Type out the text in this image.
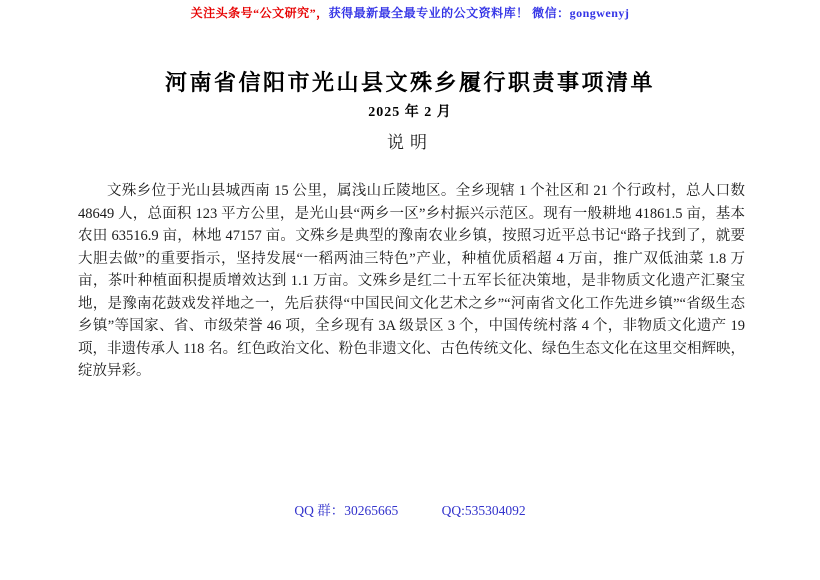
关注头条号“公文研究”，获得最新最全最专业的公文资料库！ 微信：gongwenyj
河南省信阳市光山县文殊乡履行职责事项清单
2025 年 2 月
说明

文殊乡位于光山县城西南 15 公里，属浅山丘陵地区。全乡现辖 1 个社区和 21 个行政村，总人口数 48649 人，总面积 123 平方公里，是光山县“两乡一区”乡村振兴示范区。现有一般耕地 41861.5 亩，基本农田 63516.9 亩，林地 47157 亩。文殊乡是典型的豫南农业乡镇，按照习近平总书记“路子找到了，就要大胆去做”的重要指示，坚持发展“一稻两油三特色”产业，种植优质稻超 4 万亩，推广双低油菜 1.8 万亩，茶叶种植面积提质增效达到 1.1 万亩。文殊乡是红二十五军长征决策地，是非物质文化遗产汇聚宝地，是豫南花鼓戏发祥地之一，先后获得“中国民间文化艺术之乡”“河南省文化工作先进乡镇”“省级生态乡镇”等国家、省、市级荣誉 46 项，全乡现有 3A 级景区 3 个，中国传统村落 4 个，非物质文化遗产 19 项，非遗传承人 118 名。红色政治文化、粉色非遗文化、古色传统文化、绿色生态文化在这里交相辉映，绽放异彩。

QQ 群：30265665	QQ:535304092
